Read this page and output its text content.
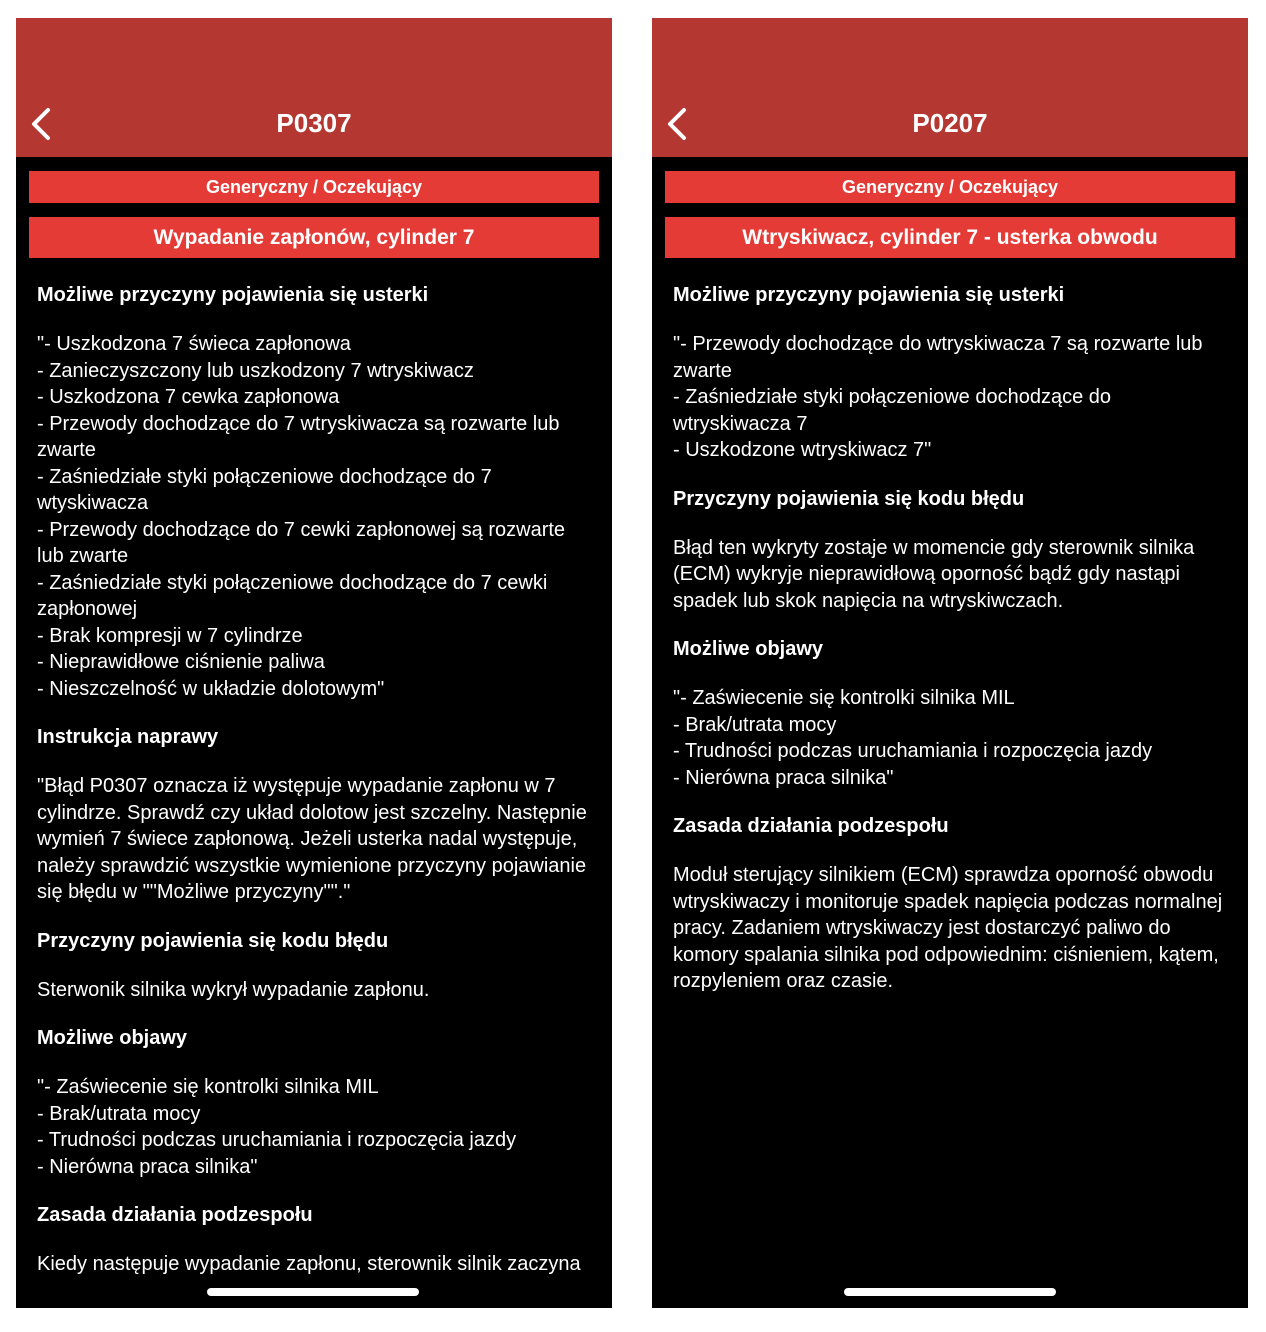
P0307
Generyczny / Oczekujący
Wypadanie zapłonów, cylinder 7
Możliwe przyczyny pojawienia się usterki
"- Uszkodzona 7 świeca zapłonowa
- Zanieczyszczony lub uszkodzony 7 wtryskiwacz
- Uszkodzona 7 cewka zapłonowa
- Przewody dochodzące do 7 wtryskiwacza są rozwarte lub zwarte
- Zaśniedziałe styki połączeniowe dochodzące do 7 wtyskiwacza
- Przewody dochodzące do 7 cewki zapłonowej są rozwarte lub zwarte
- Zaśniedziałe styki połączeniowe dochodzące do 7 cewki zapłonowej
- Brak kompresji w 7 cylindrze
- Nieprawidłowe ciśnienie paliwa
- Nieszczelność w układzie dolotowym"
Instrukcja naprawy
"Błąd P0307 oznacza iż występuje wypadanie zapłonu w 7 cylindrze. Sprawdź czy układ dolotow jest szczelny. Następnie wymień 7 świece zapłonową. Jeżeli usterka nadal występuje, należy sprawdzić wszystkie wymienione przyczyny pojawianie się błędu w ""Możliwe przyczyny""."
Przyczyny pojawienia się kodu błędu
Sterwonik silnika wykrył wypadanie zapłonu.
Możliwe objawy
"- Zaświecenie się kontrolki silnika MIL
- Brak/utrata mocy
- Trudności podczas uruchamiania i rozpoczęcia jazdy
- Nierówna praca silnika"
Zasada działania podzespołu
Kiedy następuje wypadanie zapłonu, sterownik silnik zaczyna
P0207
Generyczny / Oczekujący
Wtryskiwacz, cylinder 7 - usterka obwodu
Możliwe przyczyny pojawienia się usterki
"- Przewody dochodzące do wtryskiwacza 7 są rozwarte lub zwarte
- Zaśniedziałe styki połączeniowe dochodzące do wtryskiwacza 7
- Uszkodzone wtryskiwacz 7"
Przyczyny pojawienia się kodu błędu
Błąd ten wykryty zostaje w momencie gdy sterownik silnika (ECM) wykryje nieprawidłową oporność bądź gdy nastąpi spadek lub skok napięcia na wtryskiwczach.
Możliwe objawy
"- Zaświecenie się kontrolki silnika MIL
- Brak/utrata mocy
- Trudności podczas uruchamiania i rozpoczęcia jazdy
- Nierówna praca silnika"
Zasada działania podzespołu
Moduł sterujący silnikiem (ECM) sprawdza oporność obwodu wtryskiwaczy i monitoruje spadek napięcia podczas normalnej pracy. Zadaniem wtryskiwaczy jest dostarczyć paliwo do komory spalania silnika pod odpowiednim: ciśnieniem, kątem, rozpyleniem oraz czasie.
